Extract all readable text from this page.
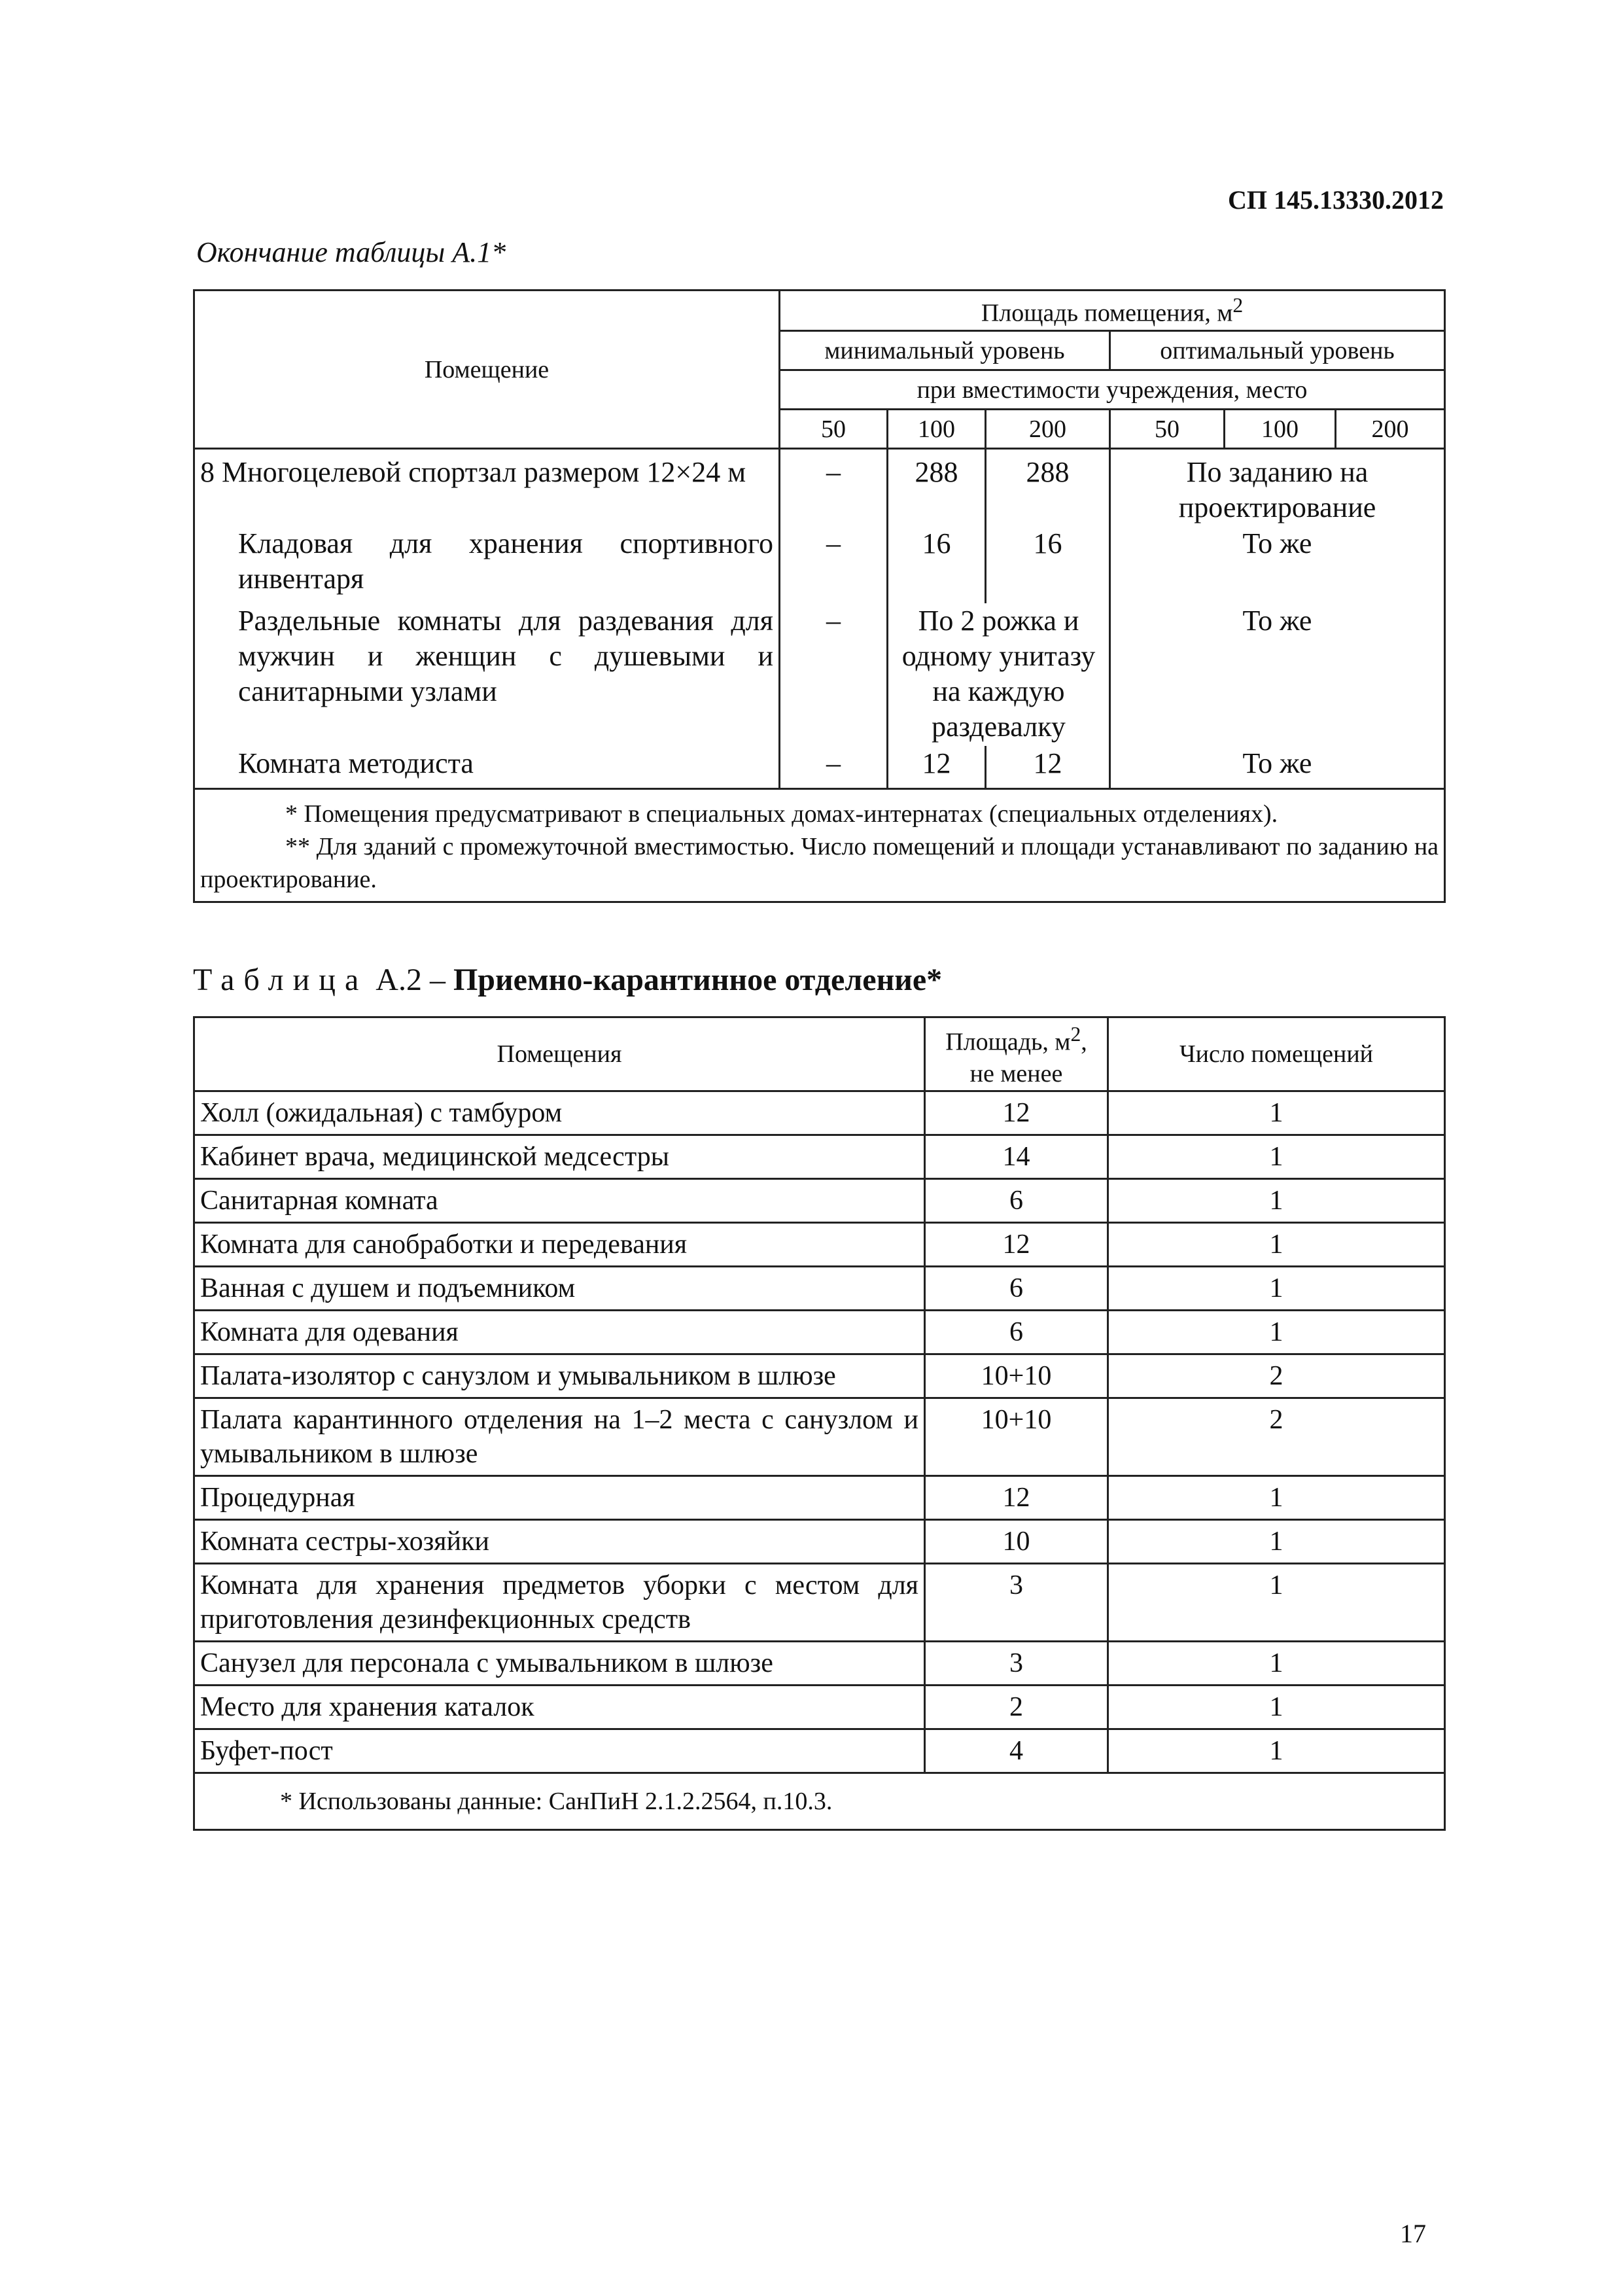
СП 145.13330.2012
Окончание таблицы А.1*
Помещение	Площадь помещения, $м^2$
	минимальный уровень			оптимальный уровень		
	при вместимости учреждения, место					
	50	100	200	50	100	200
8 Многоцелевой спортзал размером 12×24 м	–	288	288	По заданию на проектирование		
Кладовая для хранения спортивного инвентаря	–	16	16	То же		
Раздельные комнаты для раздевания для мужчин и женщин с душевыми и санитарными узлами	–	По 2 рожка и одному унитазу на каждую раздевалку		То же		
Комната методиста	–	12	12	То же		

* Помещения предусматривают в специальных домах-интернатах (специальных отделениях).

** Для зданий с промежуточной вместимостью. Число помещений и площади устанавливают по заданию на проектирование.						

Таблица А.2 – Приемно-карантинное отделение*
Помещения	Площадь, $м^2$, не менее	Число помещений
Холл (ожидальная) с тамбуром	12	1
Кабинет врача, медицинской медсестры	14	1
Санитарная комната	6	1
Комната для санобработки и передевания	12	1
Ванная с душем и подъемником	6	1
Комната для одевания	6	1
Палата-изолятор с санузлом и умывальником в шлюзе	10+10	2
Палата карантинного отделения на 1–2 места с санузлом и умывальником в шлюзе	10+10	2
Процедурная	12	1
Комната сестры-хозяйки	10	1
Комната для хранения предметов уборки с местом для приготовления дезинфекционных средств	3	1
Санузел для персонала с умывальником в шлюзе	3	1
Место для хранения каталок	2	1
Буфет-пост	4	1
* Использованы данные: СанПиН 2.1.2.2564, п.10.3.		
17
